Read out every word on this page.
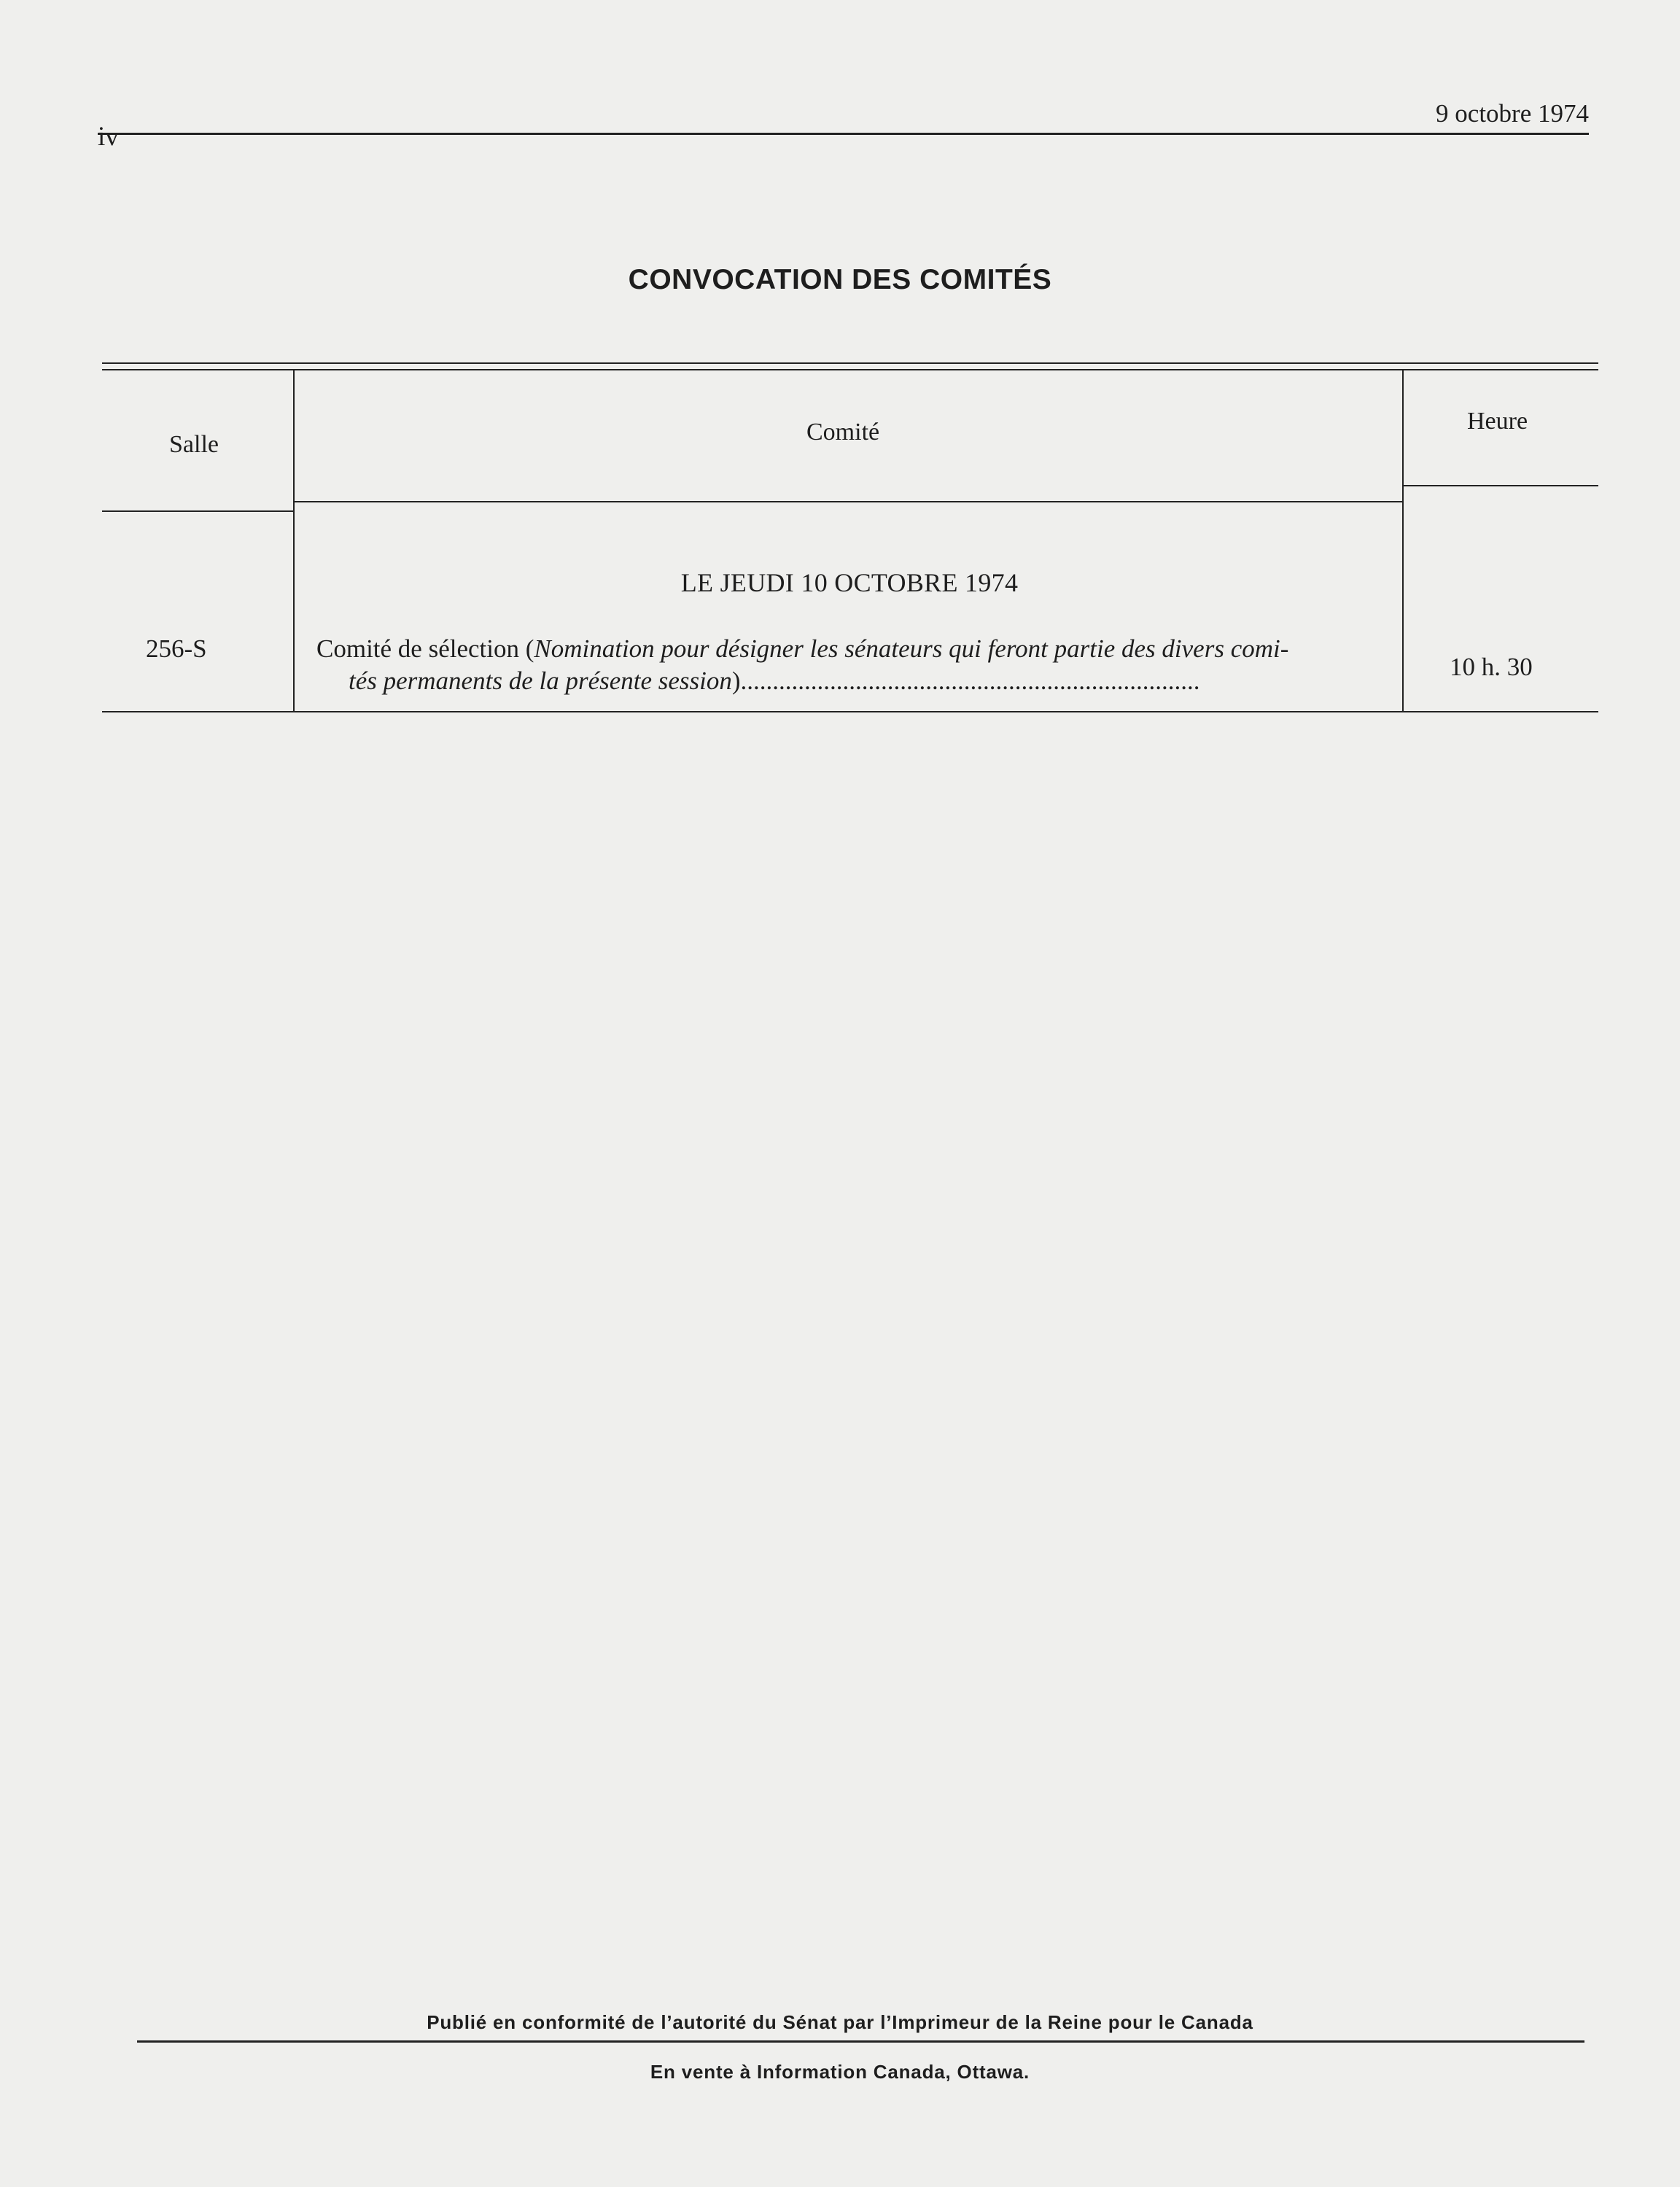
iv
9 octobre 1974
CONVOCATION DES COMITÉS
Salle	Comité	Heure
LE JEUDI 10 OCTOBRE 1974
256-S	Comité de sélection (Nomination pour désigner les sénateurs qui feront partie des divers comi-
tés permanents de la présente session)........................................................................	10 h. 30
Publié en conformité de l’autorité du Sénat par l’Imprimeur de la Reine pour le Canada
En vente à Information Canada, Ottawa.
